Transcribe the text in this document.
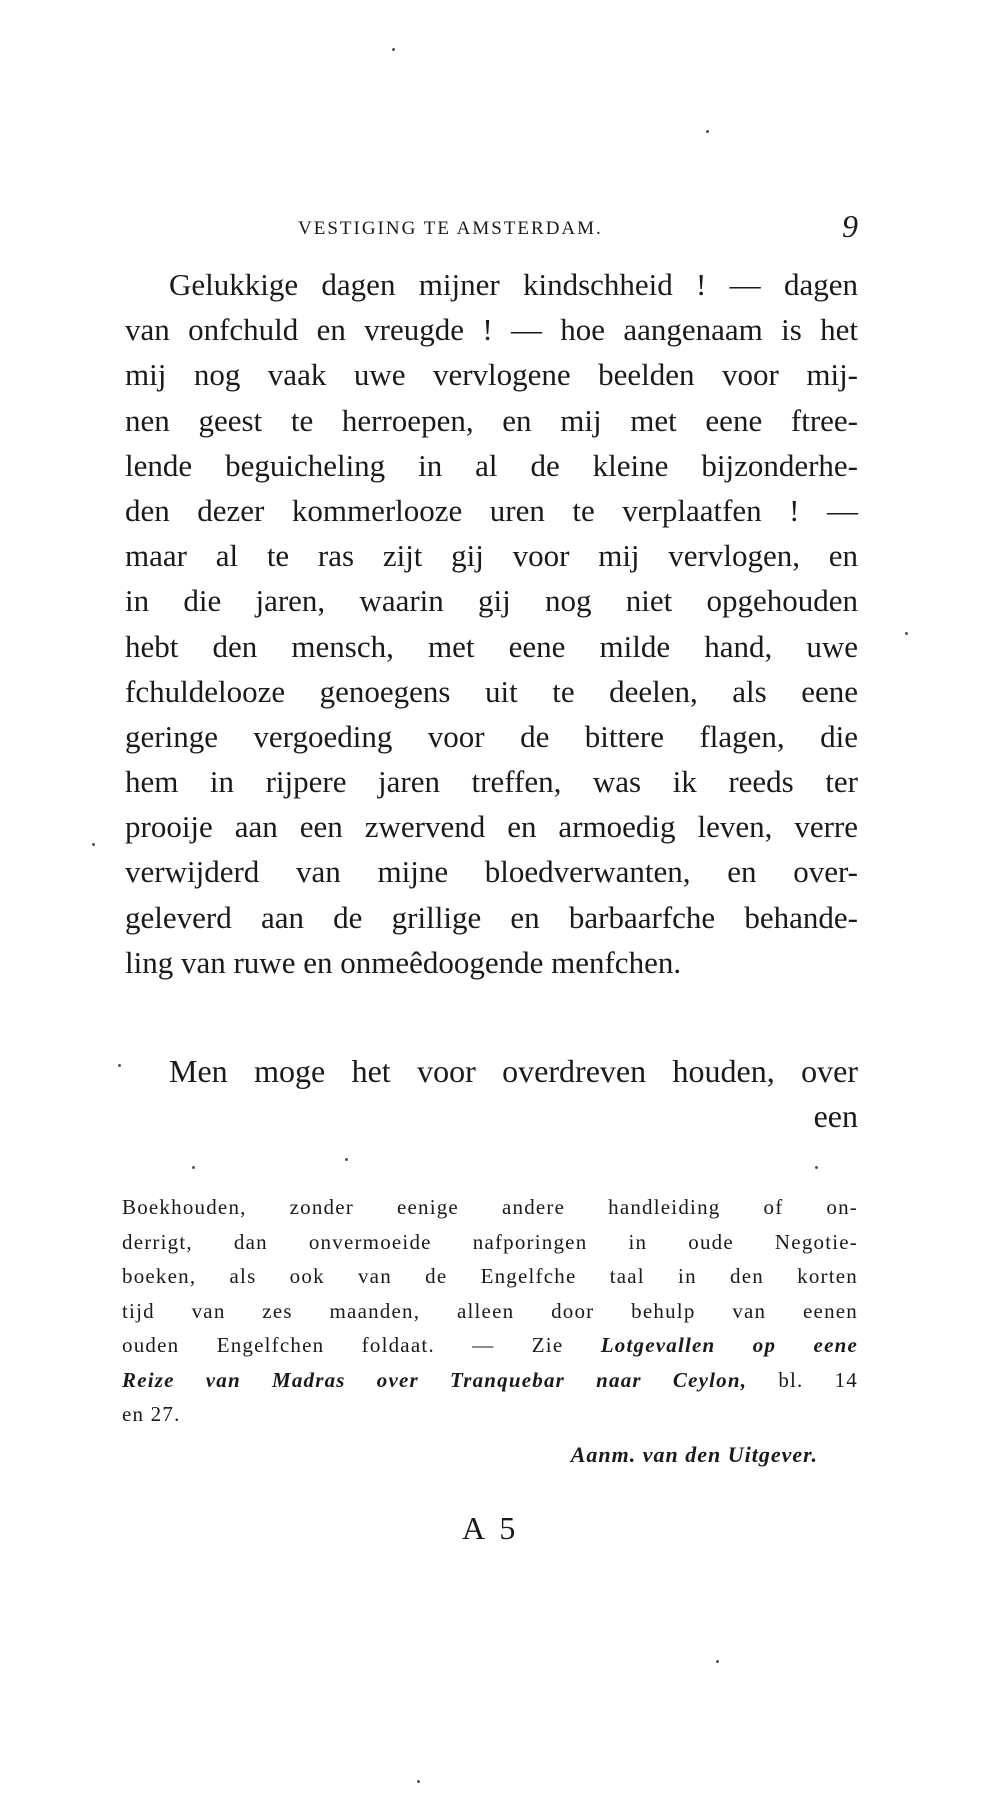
VESTIGING TE AMSTERDAM.	9
Gelukkige dagen mijner kindschheid ! — dagen
van onfchuld en vreugde ! — hoe aangenaam is het
mij nog vaak uwe vervlogene beelden voor mij-
nen geest te herroepen, en mij met eene ftree-
lende beguicheling in al de kleine bijzonderhe-
den dezer kommerlooze uren te verplaatfen ! —
maar al te ras zijt gij voor mij vervlogen, en
in die jaren, waarin gij nog niet opgehouden
hebt den mensch, met eene milde hand, uwe
fchuldelooze genoegens uit te deelen, als eene
geringe vergoeding voor de bittere flagen, die
hem in rijpere jaren treffen, was ik reeds ter
prooije aan een zwervend en armoedig leven, verre
verwijderd van mijne bloedverwanten, en over-
geleverd aan de grillige en barbaarfche behande-
ling van ruwe en onmeêdoogende menfchen.
Men moge het voor overdreven houden, over
een
Boekhouden, zonder eenige andere handleiding of on-
derrigt, dan onvermoeide nafporingen in oude Negotie-
boeken, als ook van de Engelfche taal in den korten
tijd van zes maanden, alleen door behulp van eenen
ouden Engelfchen foldaat. — Zie Lotgevallen op eene
Reize van Madras over Tranquebar naar Ceylon, bl. 14
en 27.
Aanm. van den Uitgever.
A 5
